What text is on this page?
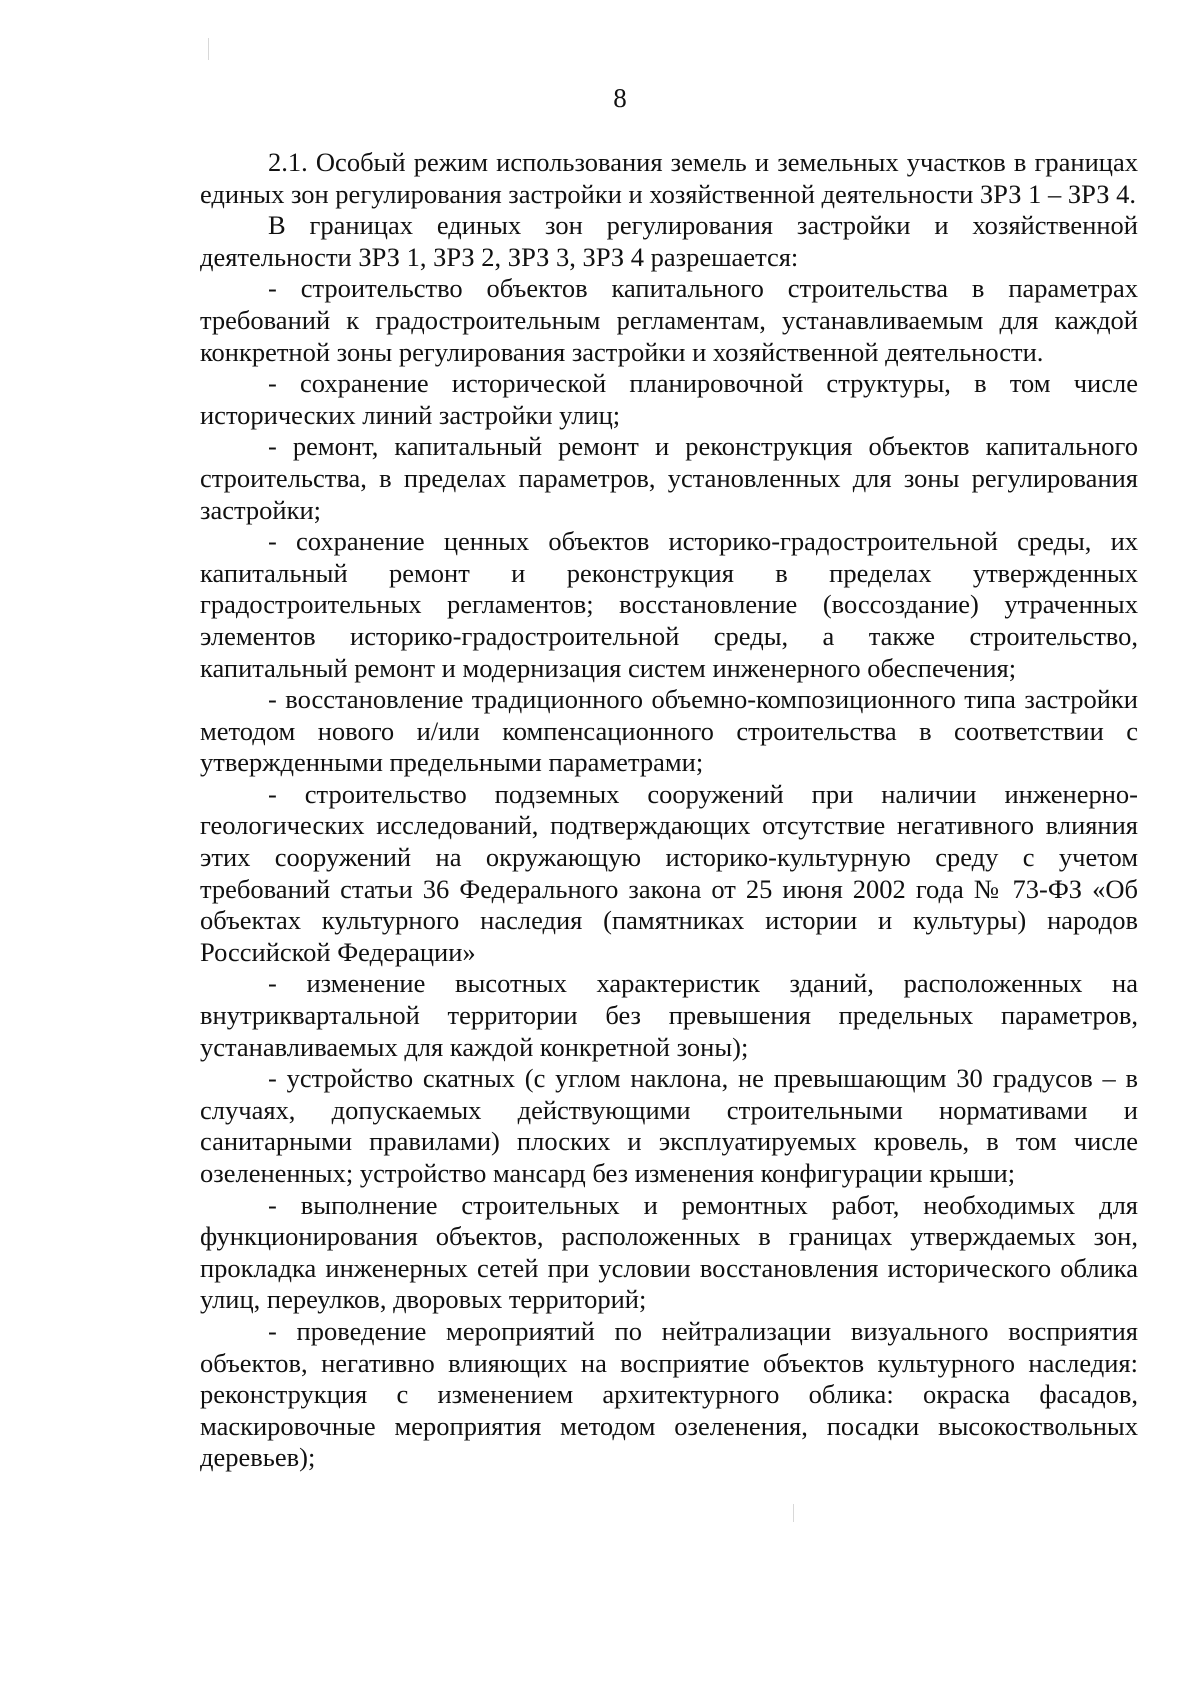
8

2.1. Особый режим использования земель и земельных участков в границах единых зон регулирования застройки и хозяйственной деятельности ЗРЗ 1 – ЗРЗ 4.

В границах единых зон регулирования застройки и хозяйственной деятельности ЗРЗ 1, ЗРЗ 2, ЗРЗ 3, ЗРЗ 4 разрешается:

- строительство объектов капитального строительства в параметрах требований к градостроительным регламентам, устанавливаемым для каждой конкретной зоны регулирования застройки и хозяйственной деятельности.

- сохранение исторической планировочной структуры, в том числе исторических линий застройки улиц;

- ремонт, капитальный ремонт и реконструкция объектов капитального строительства, в пределах параметров, установленных для зоны регулирования застройки;

- сохранение ценных объектов историко-градостроительной среды, их капитальный ремонт и реконструкция в пределах утвержденных градостроительных регламентов; восстановление (воссоздание) утраченных элементов историко-градостроительной среды, а также строительство, капитальный ремонт и модернизация систем инженерного обеспечения;

- восстановление традиционного объемно-композиционного типа застройки методом нового и/или компенсационного строительства в соответствии с утвержденными предельными параметрами;

- строительство подземных сооружений при наличии инженерно-геологических исследований, подтверждающих отсутствие негативного влияния этих сооружений на окружающую историко-культурную среду с учетом требований статьи 36 Федерального закона от 25 июня 2002 года № 73-ФЗ «Об объектах культурного наследия (памятниках истории и культуры) народов Российской Федерации»

- изменение высотных характеристик зданий, расположенных на внутриквартальной территории без превышения предельных параметров, устанавливаемых для каждой конкретной зоны);

- устройство скатных (с углом наклона, не превышающим 30 градусов – в случаях, допускаемых действующими строительными нормативами и санитарными правилами) плоских и эксплуатируемых кровель, в том числе озелененных; устройство мансард без изменения конфигурации крыши;

- выполнение строительных и ремонтных работ, необходимых для функционирования объектов, расположенных в границах утверждаемых зон, прокладка инженерных сетей при условии восстановления исторического облика улиц, переулков, дворовых территорий;

- проведение мероприятий по нейтрализации визуального восприятия объектов, негативно влияющих на восприятие объектов культурного наследия: реконструкция с изменением архитектурного облика: окраска фасадов, маскировочные мероприятия методом озеленения, посадки высокоствольных деревьев);
